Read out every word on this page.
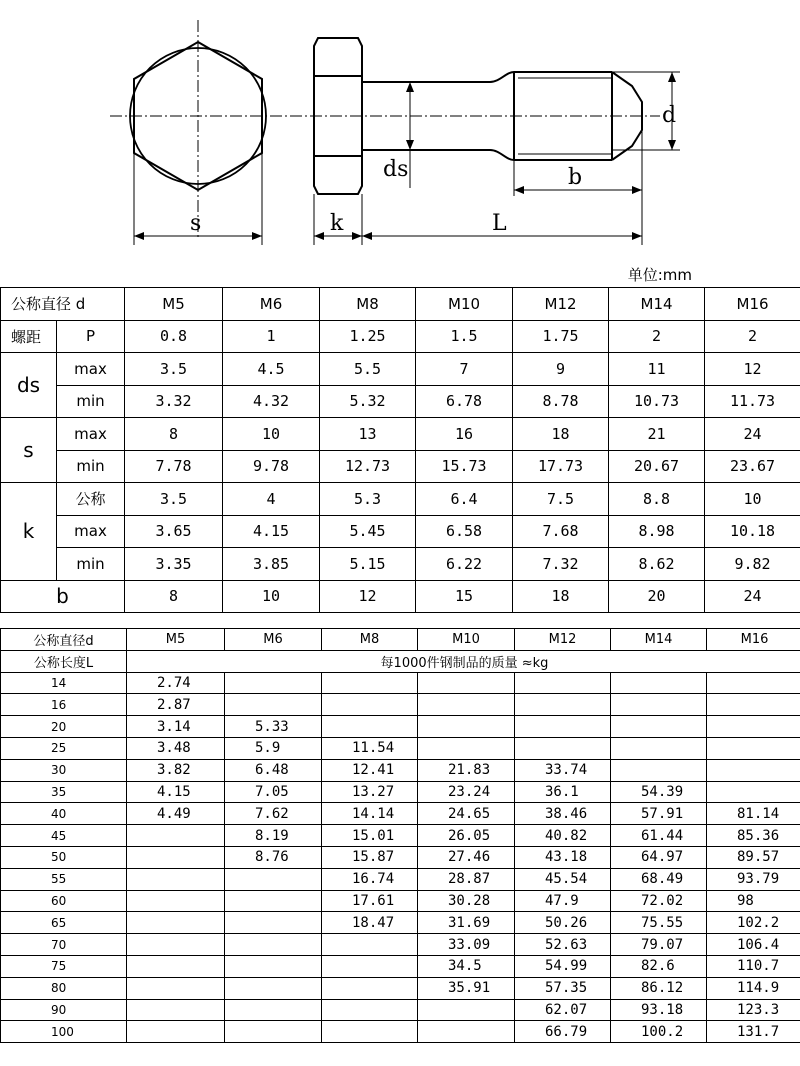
s	k	L
ds	b
d
单位:mm
公称直径 d		M5	M6	M8	M10	M12	M14	M16
螺距	P	0.8	1	1.25	1.5	1.75	2	2
ds	max	3.5	4.5	5.5	7	9	11	12
	min	3.32	4.32	5.32	6.78	8.78	10.73	11.73
s	max	8	10	13	16	18	21	24
	min	7.78	9.78	12.73	15.73	17.73	20.67	23.67
k	公称	3.5	4	5.3	6.4	7.5	8.8	10
	max	3.65	4.15	5.45	6.58	7.68	8.98	10.18
	min	3.35	3.85	5.15	6.22	7.32	8.62	9.82
b		8	10	12	15	18	20	24
公称直径d	M5	M6	M8	M10	M12	M14	M16
公称长度L	每1000件钢制品的质量 ≈kg						
14	2.74						
16	2.87						
20	3.14	5.33					
25	3.48	5.9	11.54				
30	3.82	6.48	12.41	21.83	33.74		
35	4.15	7.05	13.27	23.24	36.1	54.39	
40	4.49	7.62	14.14	24.65	38.46	57.91	81.14
45		8.19	15.01	26.05	40.82	61.44	85.36
50		8.76	15.87	27.46	43.18	64.97	89.57
55			16.74	28.87	45.54	68.49	93.79
60			17.61	30.28	47.9	72.02	98
65			18.47	31.69	50.26	75.55	102.2
70				33.09	52.63	79.07	106.4
75				34.5	54.99	82.6	110.7
80				35.91	57.35	86.12	114.9
90					62.07	93.18	123.3
100					66.79	100.2	131.7
